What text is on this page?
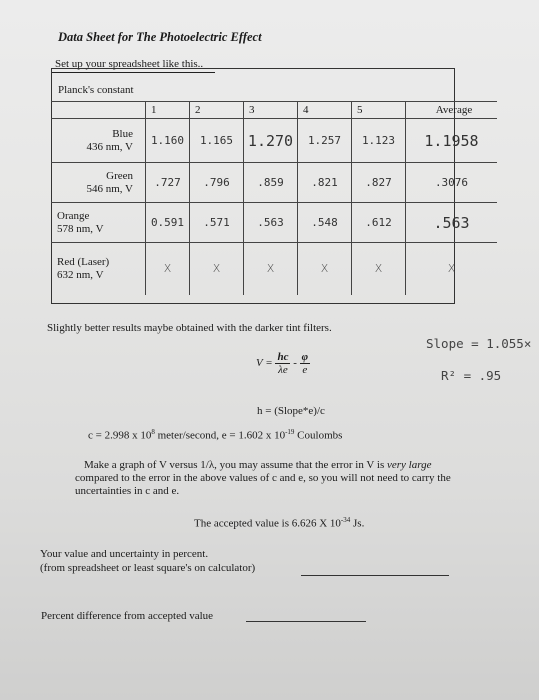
Data Sheet for The Photoelectric Effect
Set up your spreadsheet like this..
Planck's constant
	1	2	3	4	5	Average
Blue
436 nm, V	1.160	1.165	1.270	1.257	1.123	1.1958
Green
546 nm, V	.727	.796	.859	.821	.827	.3076
Orange
578 nm, V	0.591	.571	.563	.548	.612	.563
Red (Laser)
632 nm, V	X	X	X	X	X	X
Slightly better results maybe obtained with the darker tint filters.
$V = \frac{hc}{\lambda e} - \frac{\varphi}{e}$
Slope = 1.055×
R² = .95
h = (Slope*e)/c
c = 2.998 x $10^8$ meter/second, e = 1.602 x $10^{-19}$ Coulombs
Make a graph of V versus 1/λ, you may assume that the error in V is very large
compared to the error in the above values of c and e, so you will not need to carry the
uncertainties in c and e.
The accepted value is 6.626 X $10^{-34}$ Js.
Your value and uncertainty in percent.
(from spreadsheet or least square's on calculator)
Percent difference from accepted value
